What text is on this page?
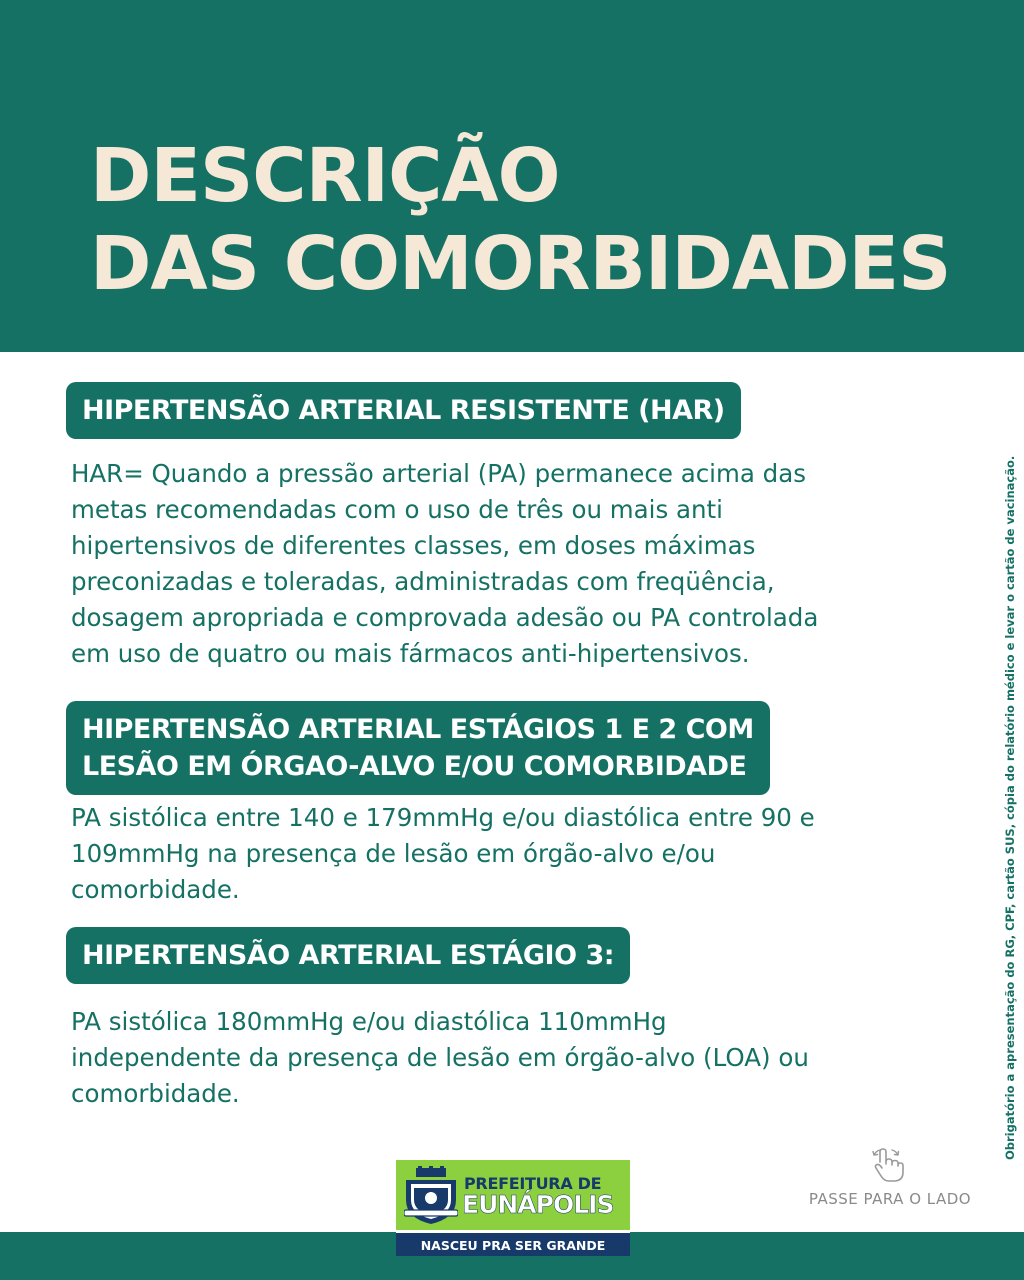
DESCRIÇÃO
DAS COMORBIDADES
HIPERTENSÃO ARTERIAL RESISTENTE (HAR)
HAR= Quando a pressão arterial (PA) permanece acima das
metas recomendadas com o uso de três ou mais anti
hipertensivos de diferentes classes, em doses máximas
preconizadas e toleradas, administradas com freqüência,
dosagem apropriada e comprovada adesão ou PA controlada
em uso de quatro ou mais fármacos anti-hipertensivos.
HIPERTENSÃO ARTERIAL ESTÁGIOS 1 E 2 COM
LESÃO EM ÓRGAO-ALVO E/OU COMORBIDADE
PA sistólica entre 140 e 179mmHg e/ou diastólica entre 90 e
109mmHg na presença de lesão em órgão-alvo e/ou
comorbidade.
HIPERTENSÃO ARTERIAL ESTÁGIO 3:
PA sistólica 180mmHg e/ou diastólica 110mmHg
independente da presença de lesão em órgão-alvo (LOA) ou
comorbidade.	Obrigatório a apresentação do RG, CPF, cartão SUS, cópia do relatório médico e levar o cartão de vacinação.
PASSE PARA O LADO
PREFEITURA DE
EUNÁPOLIS
NASCEU PRA SER GRANDE
